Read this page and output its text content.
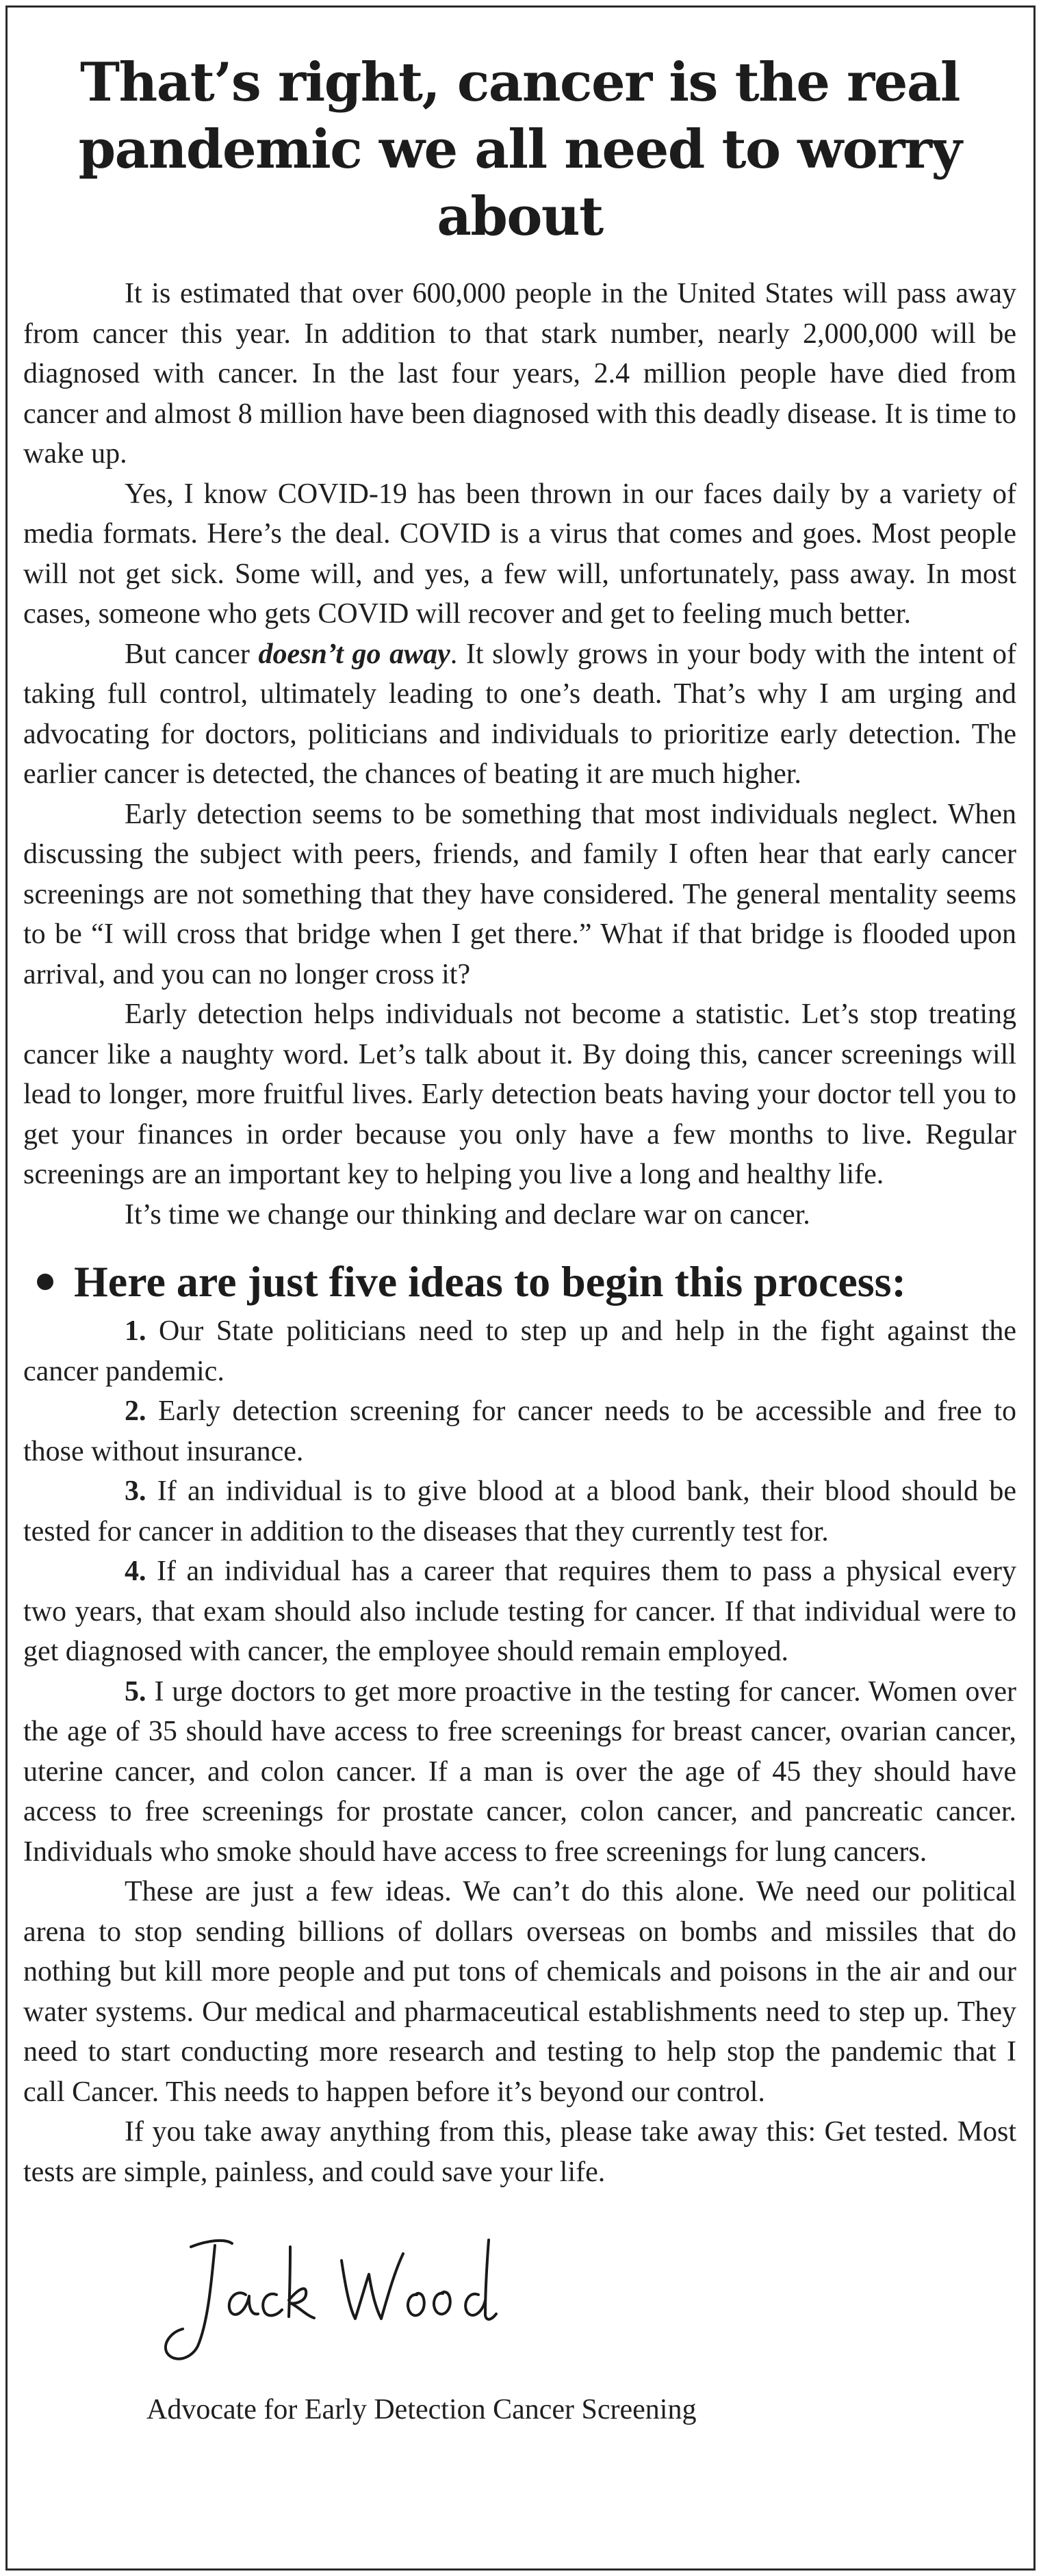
That’s right, cancer is the real
pandemic we all need to worry about

It is estimated that over 600,000 people in the United States will pass away from cancer this year. In addition to that stark number, nearly 2,000,000 will be diagnosed with cancer. In the last four years, 2.4 million people have died from cancer and almost 8 million have been diagnosed with this deadly disease. It is time to wake up.

Yes, I know COVID-19 has been thrown in our faces daily by a variety of media formats. Here’s the deal. COVID is a virus that comes and goes. Most people will not get sick. Some will, and yes, a few will, unfortunately, pass away. In most cases, someone who gets COVID will recover and get to feeling much better.

But cancer doesn’t go away. It slowly grows in your body with the intent of taking full control, ultimately leading to one’s death. That’s why I am urging and advocating for doctors, politicians and individuals to prioritize early detection. The earlier cancer is detected, the chances of beating it are much higher.

Early detection seems to be something that most individuals neglect. When discussing the subject with peers, friends, and family I often hear that early cancer screenings are not something that they have considered. The general mentality seems to be “I will cross that bridge when I get there.” What if that bridge is flooded upon arrival, and you can no longer cross it?

Early detection helps individuals not become a statistic. Let’s stop treating cancer like a naughty word. Let’s talk about it. By doing this, cancer screenings will lead to longer, more fruitful lives. Early detection beats having your doctor tell you to get your finances in order because you only have a few months to live. Regular screenings are an important key to helping you live a long and healthy life.

It’s time we change our thinking and declare war on cancer.

Here are just five ideas to begin this process:

1. Our State politicians need to step up and help in the fight against the cancer pandemic.

2. Early detection screening for cancer needs to be accessible and free to those without insurance.

3. If an individual is to give blood at a blood bank, their blood should be tested for cancer in addition to the diseases that they currently test for.

4. If an individual has a career that requires them to pass a physical every two years, that exam should also include testing for cancer. If that individual were to get diagnosed with cancer, the employee should remain employed.

5. I urge doctors to get more proactive in the testing for cancer. Women over the age of 35 should have access to free screenings for breast cancer, ovarian cancer, uterine cancer, and colon cancer. If a man is over the age of 45 they should have access to free screenings for prostate cancer, colon cancer, and pancreatic cancer. Individuals who smoke should have access to free screenings for lung cancers.

These are just a few ideas. We can’t do this alone. We need our political arena to stop sending billions of dollars overseas on bombs and missiles that do nothing but kill more people and put tons of chemicals and poisons in the air and our water systems. Our medical and pharmaceutical establishments need to step up. They need to start conducting more research and testing to help stop the pandemic that I call Cancer. This needs to happen before it’s beyond our control.

If you take away anything from this, please take away this: Get tested. Most tests are simple, painless, and could save your life.

Advocate for Early Detection Cancer Screening
